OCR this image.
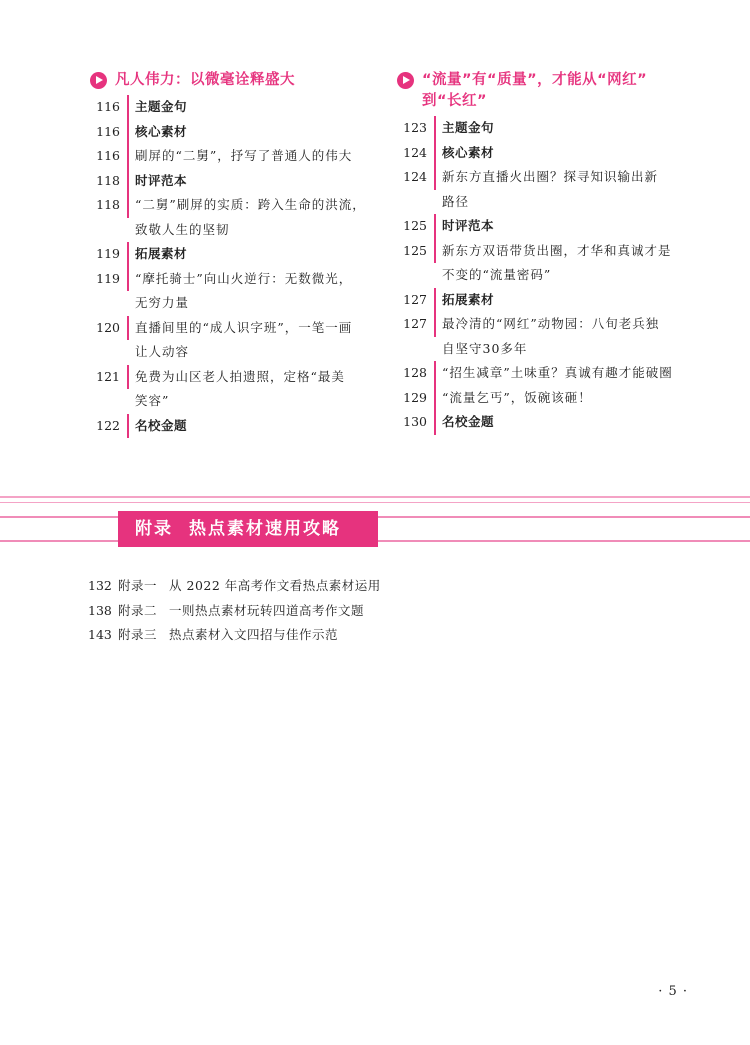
凡人伟力：以微毫诠释盛大
116	主题金句
116	核心素材
116	刷屏的“二舅”，抒写了普通人的伟大
118	时评范本
118	“二舅”刷屏的实质：跨入生命的洪流，
致敬人生的坚韧
119	拓展素材
119	“摩托骑士”向山火逆行：无数微光，
无穷力量
120	直播间里的“成人识字班”，一笔一画
让人动容
121	免费为山区老人拍遗照，定格“最美
笑容”
122	名校金题
“流量”有“质量”，才能从“网红”
到“长红”
123	主题金句
124	核心素材
124	新东方直播火出圈？探寻知识输出新
路径
125	时评范本
125	新东方双语带货出圈，才华和真诚才是
不变的“流量密码”
127	拓展素材
127	最冷清的“网红”动物园：八旬老兵独
自坚守30多年
128	“招生减章”土味重？真诚有趣才能破圈
129	“流量乞丐”，饭碗该砸！
130	名校金题
附录 热点素材速用攻略
132 附录一 从 2022 年高考作文看热点素材运用
138 附录二 一则热点素材玩转四道高考作文题
143 附录三 热点素材入文四招与佳作示范
· 5 ·
